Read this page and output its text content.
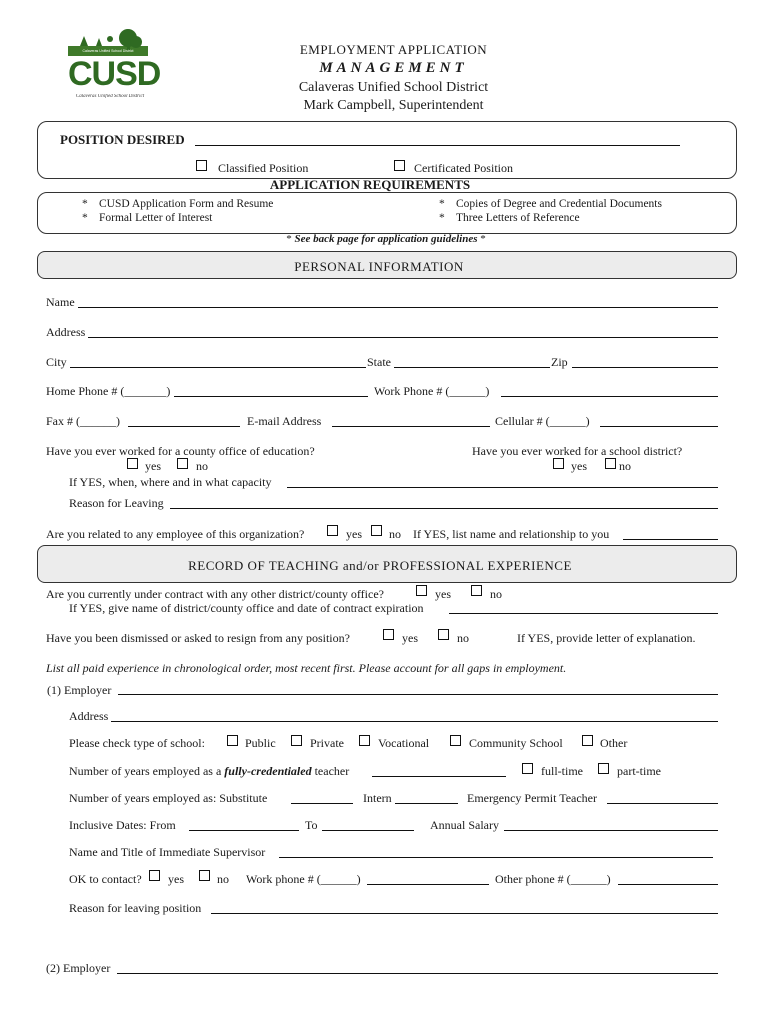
Calaveras Unified School District
CUSD
Calaveras Unified School District
EMPLOYMENT APPLICATION
MANAGEMENT
Calaveras Unified School District
Mark Campbell, Superintendent
POSITION DESIRED
Classified Position	Certificated Position
APPLICATION REQUIREMENTS
* CUSD Application Form and Resume
* Formal Letter of Interest
* Copies of Degree and Credential Documents
* Three Letters of Reference
* See back page for application guidelines *
PERSONAL INFORMATION
Name
Address
City	State	Zip
Home Phone # (_______)	Work Phone # (______)
Fax # (______)	E-mail Address	Cellular # (______)
Have you ever worked for a county office of education?	Have you ever worked for a school district?
yes	no	yes	no
If YES, when, where and in what capacity
Reason for Leaving
Are you related to any employee of this organization?	yes no If YES, list name and relationship to you
RECORD OF TEACHING and/or PROFESSIONAL EXPERIENCE
Are you currently under contract with any other district/county office?	yes	no
If YES, give name of district/county office and date of contract expiration
Have you been dismissed or asked to resign from any position?	yes	no	If YES, provide letter of explanation.
List all paid experience in chronological order, most recent first. Please account for all gaps in employment.
(1) Employer
Address
Please check type of school:	Public	Private	Vocational	Community School	Other
Number of years employed as a fully-credentialed teacher	full-time	part-time
Number of years employed as: Substitute	Intern	Emergency Permit Teacher
Inclusive Dates: From	To	Annual Salary
Name and Title of Immediate Supervisor
OK to contact? yes	no Work phone # (______)	Other phone # (______)
Reason for leaving position
(2) Employer
